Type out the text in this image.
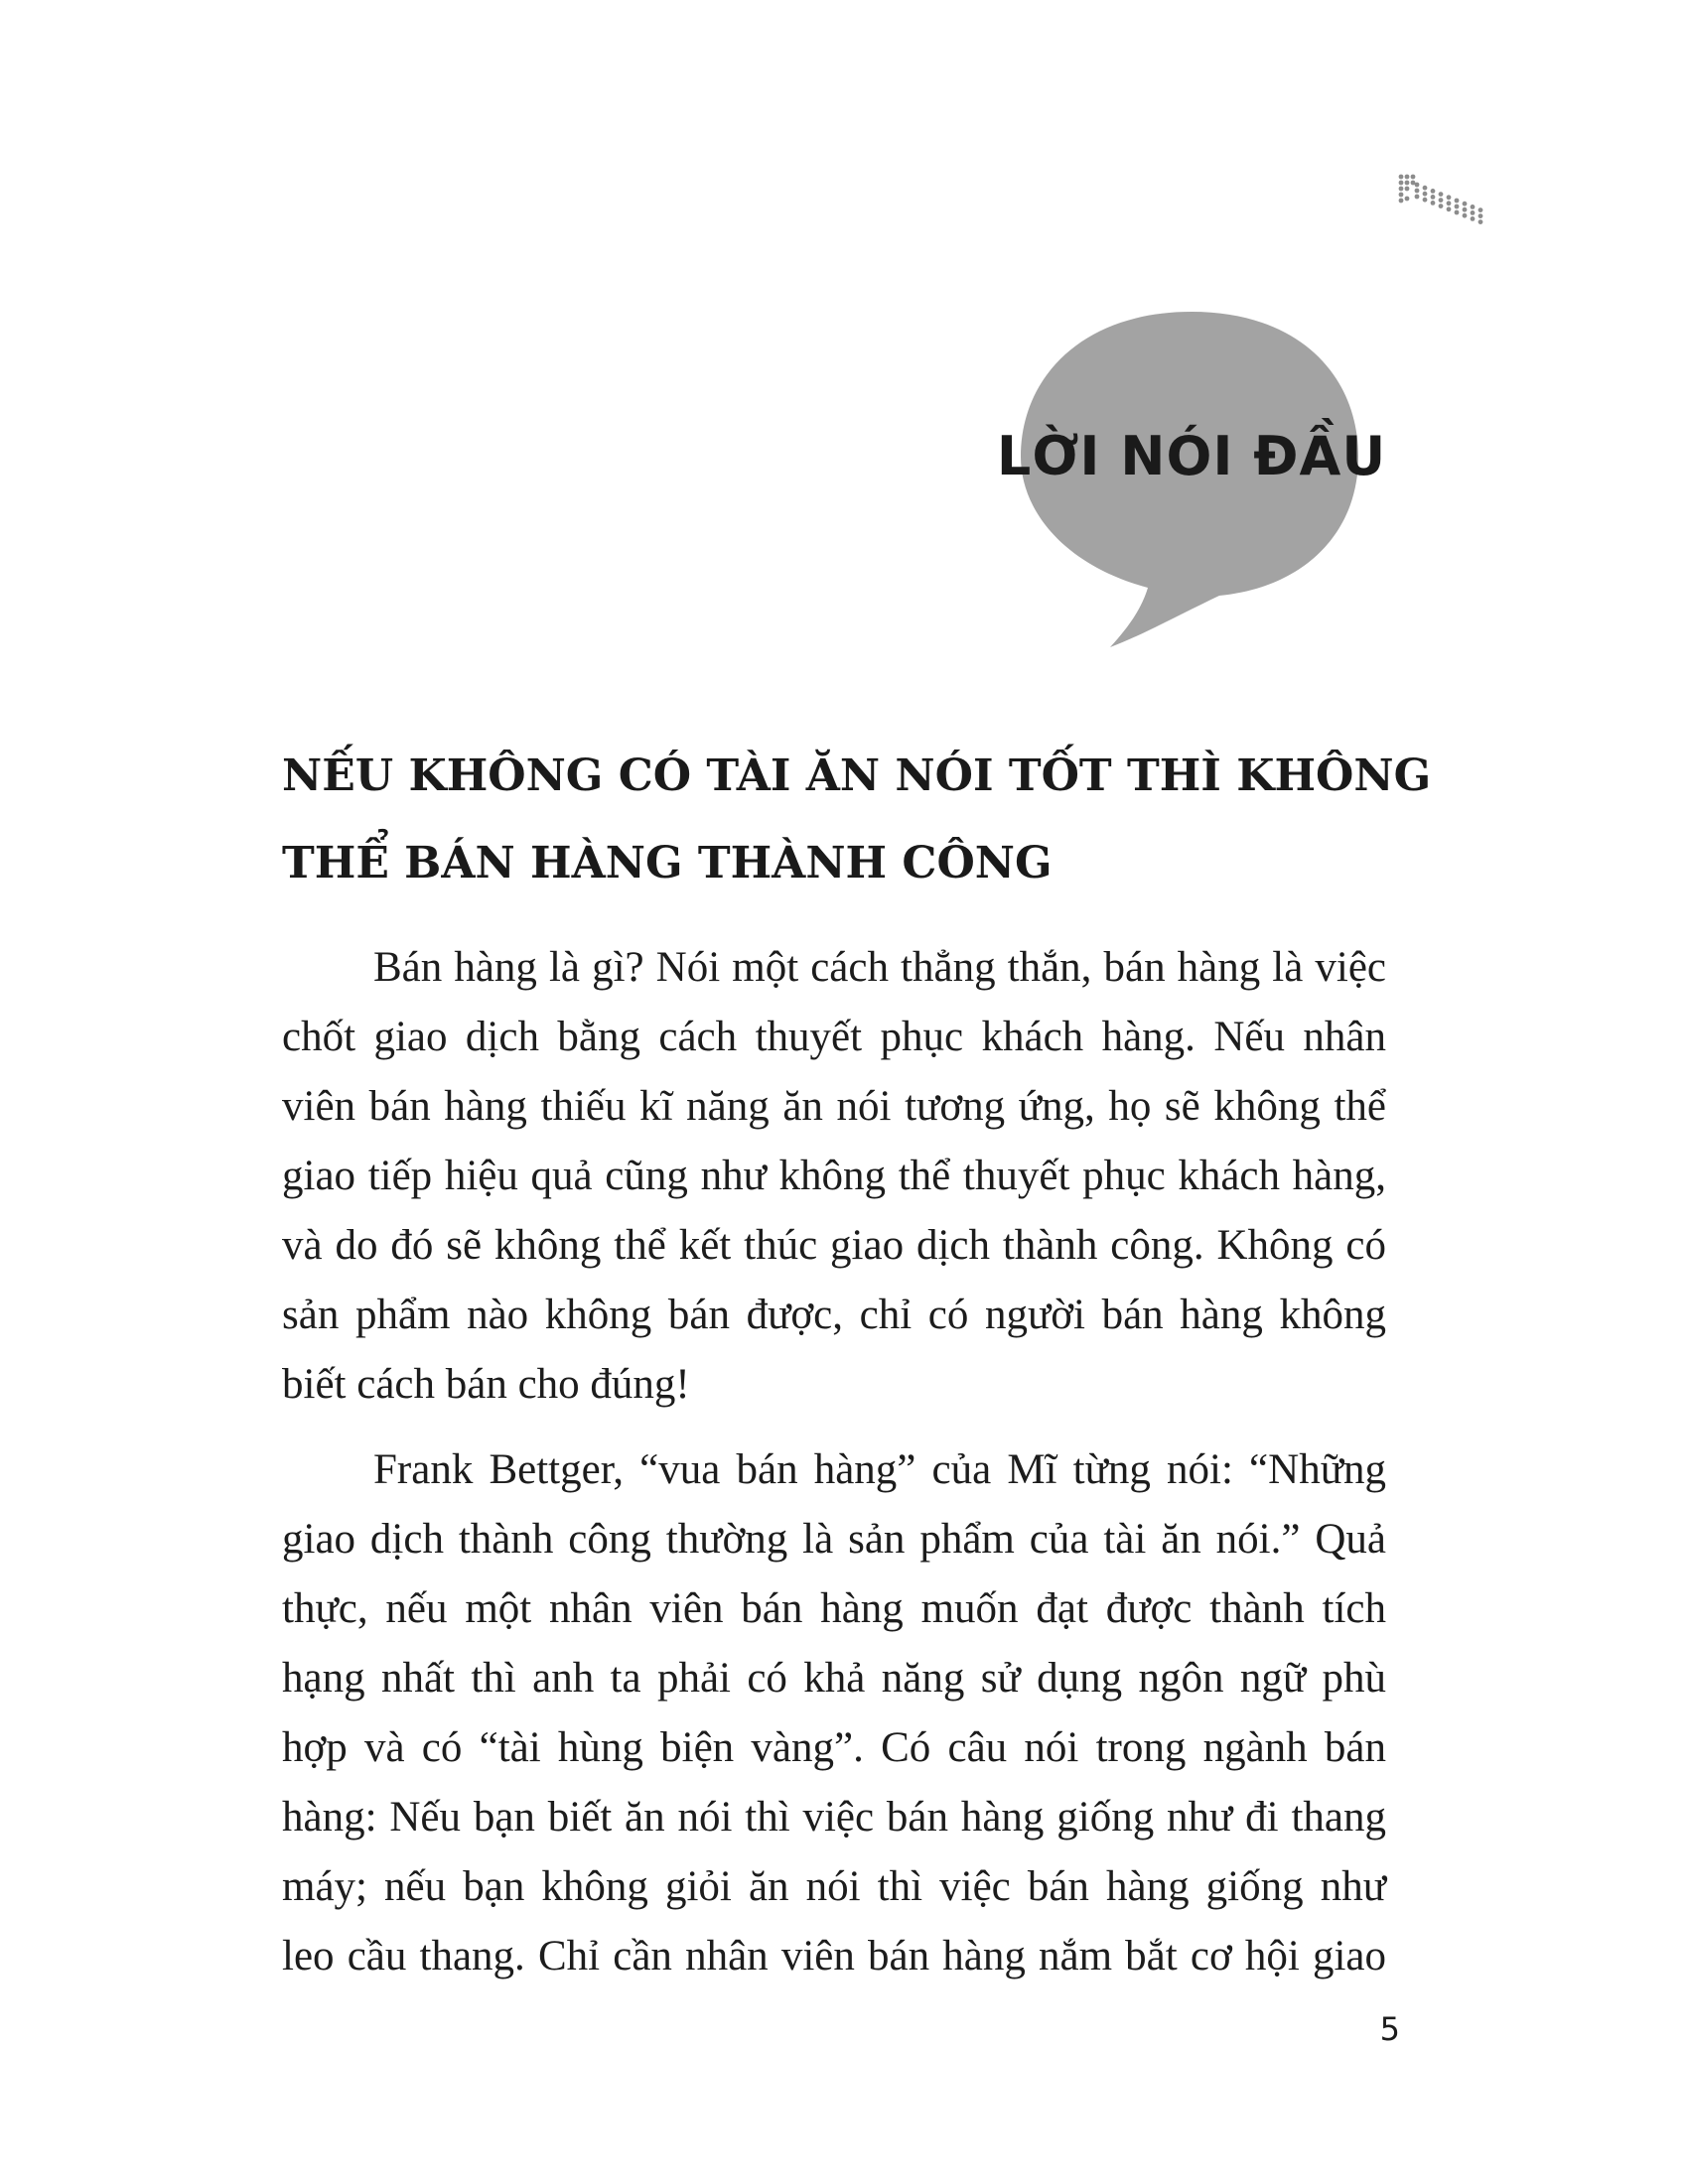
LỜI NÓI ĐẦU
NẾU KHÔNG CÓ TÀI ĂN NÓI TỐT THÌ KHÔNG
THỂ BÁN HÀNG THÀNH CÔNG

Bán hàng là gì? Nói một cách thẳng thắn, bán hàng là việc
chốt giao dịch bằng cách thuyết phục khách hàng. Nếu nhân
viên bán hàng thiếu kĩ năng ăn nói tương ứng, họ sẽ không thể
giao tiếp hiệu quả cũng như không thể thuyết phục khách hàng,
và do đó sẽ không thể kết thúc giao dịch thành công. Không có
sản phẩm nào không bán được, chỉ có người bán hàng không
biết cách bán cho đúng!

Frank Bettger, “vua bán hàng” của Mĩ từng nói: “Những
giao dịch thành công thường là sản phẩm của tài ăn nói.” Quả
thực, nếu một nhân viên bán hàng muốn đạt được thành tích
hạng nhất thì anh ta phải có khả năng sử dụng ngôn ngữ phù
hợp và có “tài hùng biện vàng”. Có câu nói trong ngành bán
hàng: Nếu bạn biết ăn nói thì việc bán hàng giống như đi thang
máy; nếu bạn không giỏi ăn nói thì việc bán hàng giống như
leo cầu thang. Chỉ cần nhân viên bán hàng nắm bắt cơ hội giao

5
